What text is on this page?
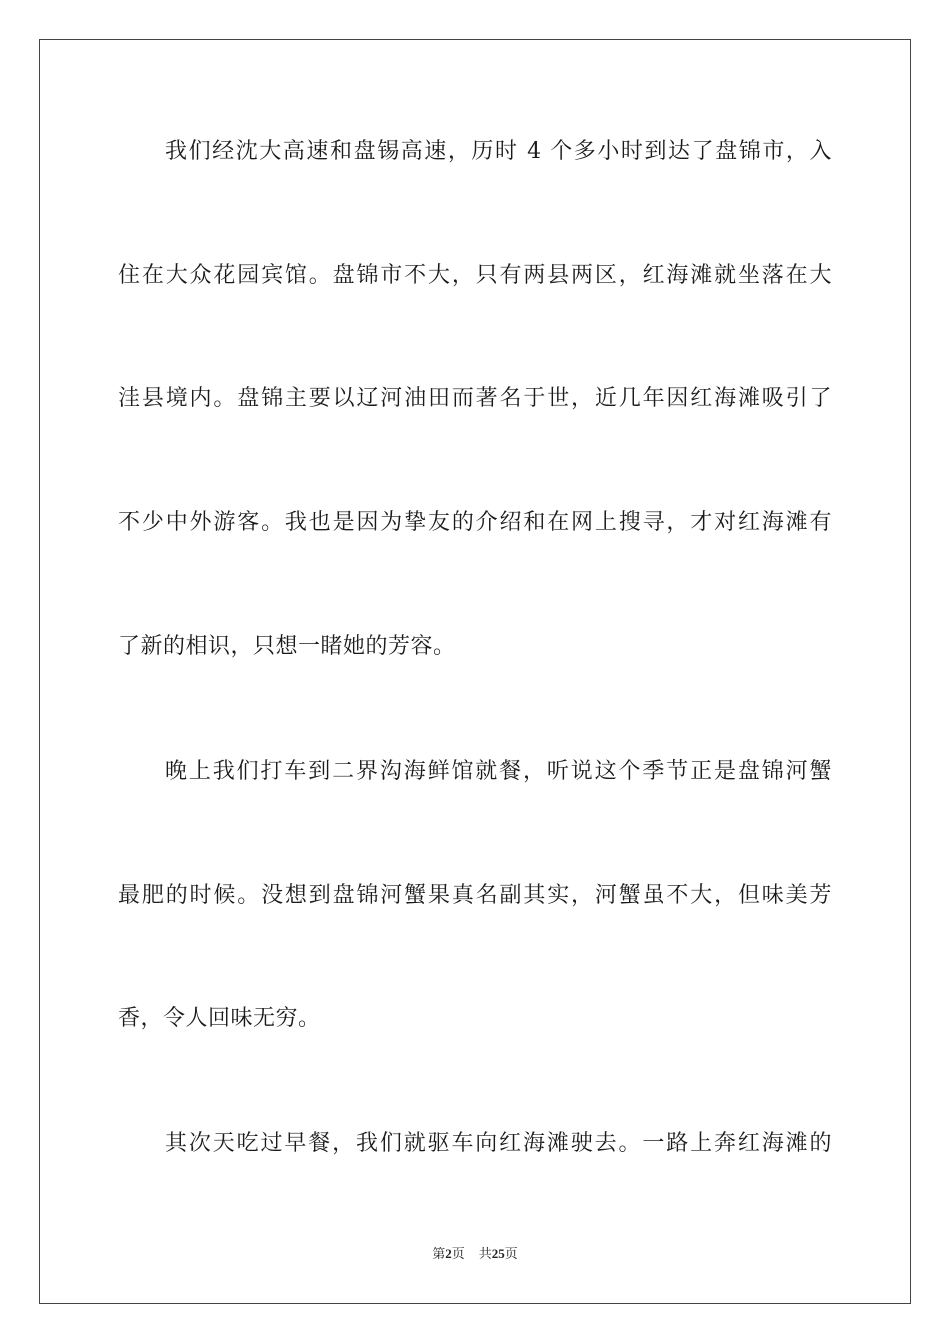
我们经沈大高速和盘锡高速，历时 4 个多小时到达了盘锦市，入
住在大众花园宾馆。盘锦市不大，只有两县两区，红海滩就坐落在大
洼县境内。盘锦主要以辽河油田而著名于世，近几年因红海滩吸引了
不少中外游客。我也是因为挚友的介绍和在网上搜寻，才对红海滩有
了新的相识，只想一睹她的芳容。
晚上我们打车到二界沟海鲜馆就餐，听说这个季节正是盘锦河蟹
最肥的时候。没想到盘锦河蟹果真名副其实，河蟹虽不大，但味美芳
香，令人回味无穷。
其次天吃过早餐，我们就驱车向红海滩驶去。一路上奔红海滩的
第2页 共25页
